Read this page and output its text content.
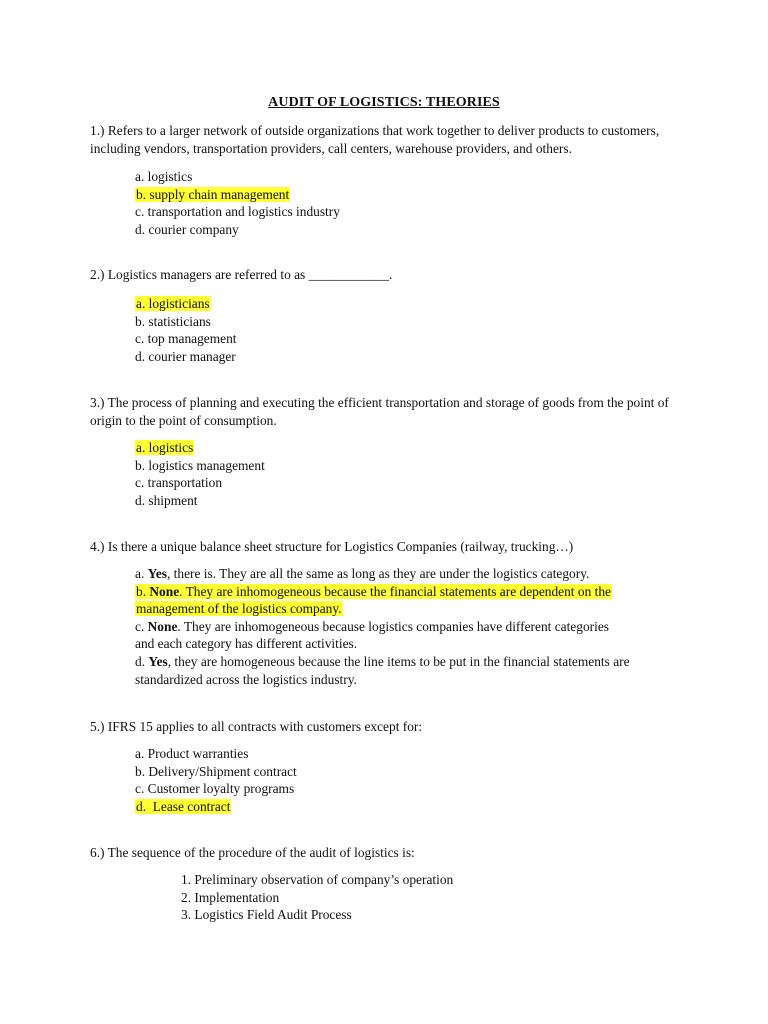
AUDIT OF LOGISTICS: THEORIES
1.) Refers to a larger network of outside organizations that work together to deliver products to customers, including vendors, transportation providers, call centers, warehouse providers, and others.
a. logistics
b. supply chain management
c. transportation and logistics industry
d. courier company
2.) Logistics managers are referred to as ____________.
a. logisticians
b. statisticians
c. top management
d. courier manager
3.) The process of planning and executing the efficient transportation and storage of goods from the point of origin to the point of consumption.
a. logistics
b. logistics management
c. transportation
d. shipment
4.) Is there a unique balance sheet structure for Logistics Companies (railway, trucking…)
a. Yes, there is. They are all the same as long as they are under the logistics category.
b. None. They are inhomogeneous because the financial statements are dependent on the management of the logistics company.
c. None. They are inhomogeneous because logistics companies have different categories and each category has different activities.
d. Yes, they are homogeneous because the line items to be put in the financial statements are standardized across the logistics industry.
5.) IFRS 15 applies to all contracts with customers except for:
a. Product warranties
b. Delivery/Shipment contract
c. Customer loyalty programs
d.  Lease contract
6.) The sequence of the procedure of the audit of logistics is:
1. Preliminary observation of company’s operation
2. Implementation
3. Logistics Field Audit Process
